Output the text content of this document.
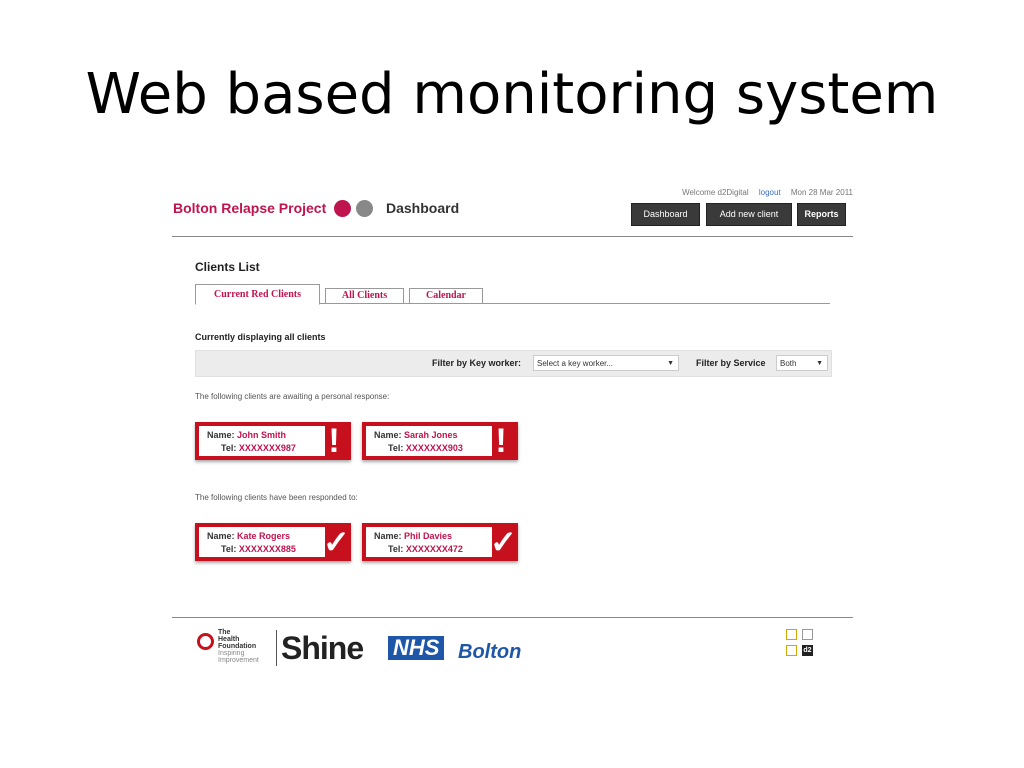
Web based monitoring system
Welcome d2Digital logout Mon 28 Mar 2011
Bolton Relapse Project	Dashboard	Dashboard	Add new client	Reports
Clients List
Current Red Clients	All Clients	Calendar
Currently displaying all clients
Filter by Key worker:	Select a key worker...	▼ Filter by Service	Both	▼
The following clients are awaiting a personal response:
Name: John Smith
Tel: XXXXXXX987 !	Name: Sarah Jones
Tel: XXXXXXX903 !
The following clients have been responded to:
Name: Kate Rogers
Tel: XXXXXXX885 ✓	Name: Phil Davies
Tel: XXXXXXX472 ✓
The
Health
Foundation
Inspiring
Improvement Shine NHS Bolton	d2
